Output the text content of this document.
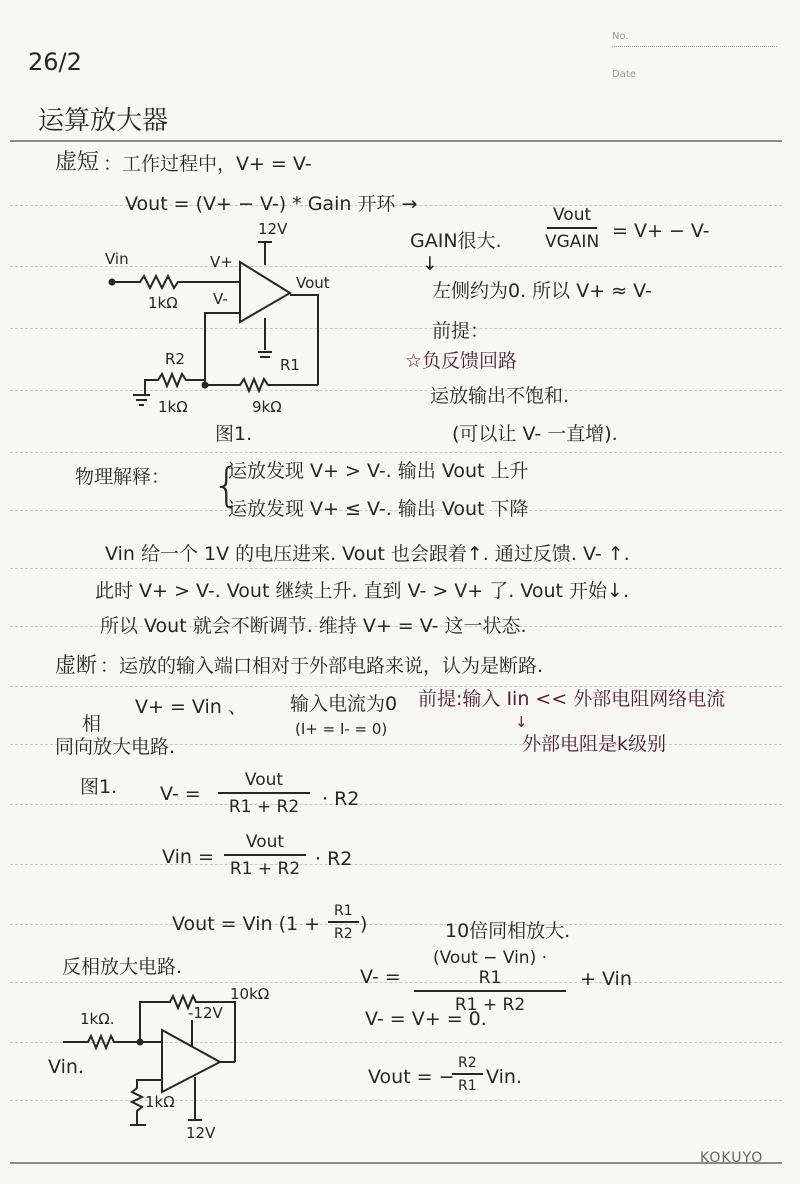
26/2
No.
Date
运算放大器
虚短 ：工作过程中，V+ = V-
Vout = (V+ − V-) * Gain 开环 →
GAIN很大.
Vout
VGAIN = V+ − V-
↓
左侧约为0. 所以 V+ ≈ V-
前提：
☆负反馈回路
运放输出不饱和.
(可以让 V- 一直增).
Vin	V+
V-
Vout
12V
1kΩ
R2
1kΩ
R1
9kΩ
图1.
物理解释： {
运放发现 V+ > V-. 输出 Vout 上升
运放发现 V+ ≤ V-. 输出 Vout 下降
Vin 给一个 1V 的电压进来. Vout 也会跟着↑. 通过反馈. V- ↑.
此时 V+ > V-. Vout 继续上升. 直到 V- > V+ 了. Vout 开始↓.
所以 Vout 就会不断调节. 维持 V+ = V- 这一状态.
虚断 ：运放的输入端口相对于外部电路来说，认为是断路.
V+ = Vin 、 输入电流为0
(I+ = I- = 0)
前提:输入 Iin << 外部电阻网络电流
↓
外部电阻是k级别
相
同向放大电路.
图1. V- =
Vout
R1 + R2 · R2
Vin =
Vout
R1 + R2 · R2
Vout = Vin ($1 + \frac{R1}{R2}$ )	10倍同相放大.
反相放大电路.	V- =
(Vout − Vin) · R1
R1 + R2
+ Vin
V- = V+ = 0.
Vout = −
$\frac{R2}{R1}$ Vin.
10kΩ
-12V
1kΩ.
Vin.
1kΩ
12V
KOKUYO
